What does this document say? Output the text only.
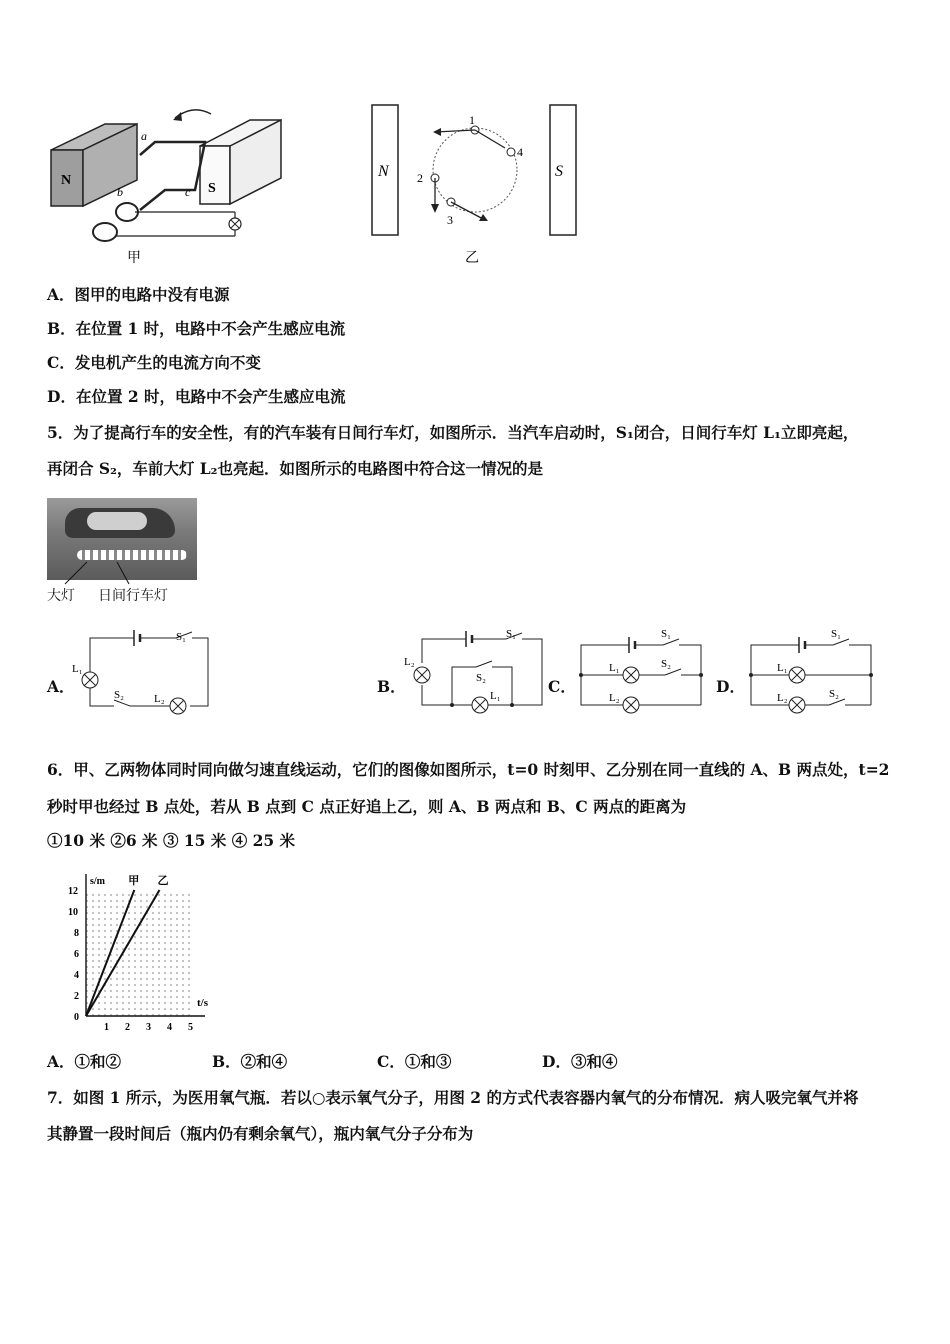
N
S
a
b	c
甲
N	S
1
4
2
3
乙
A．图甲的电路中没有电源
B．在位置 1 时，电路中不会产生感应电流
C．发电机产生的电流方向不变
D．在位置 2 时，电路中不会产生感应电流
5．为了提高行车的安全性，有的汽车装有日间行车灯，如图所示．当汽车启动时，S₁闭合，日间行车灯 L₁立即亮起，
再闭合 S₂，车前大灯 L₂也亮起．如图所示的电路图中符合这一情况的是
大灯 日间行车灯
A．
S₁
L₁
S₂	L₂
B．
S₁
L₂
S₂
L₁	C．
S₁
L₁	S₂
L₂
D．
S₁
L₁
L₂	S₂
6．甲、乙两物体同时同向做匀速直线运动，它们的图像如图所示，t=0 时刻甲、乙分别在同一直线的 A、B 两点处，t=2
秒时甲也经过 B 点处，若从 B 点到 C 点正好追上乙，则 A、B 两点和 B、C 两点的距离为
①10 米 ②6 米 ③ 15 米 ④ 25 米
1 2 3 4 5
0
2
4
6
8
10
12
甲 乙
s/m
t/s
A．①和②	B．②和④	C．①和③	D．③和④
7．如图 1 所示，为医用氧气瓶．若以○表示氧气分子，用图 2 的方式代表容器内氧气的分布情况．病人吸完氧气并将
其静置一段时间后（瓶内仍有剩余氧气），瓶内氧气分子分布为
